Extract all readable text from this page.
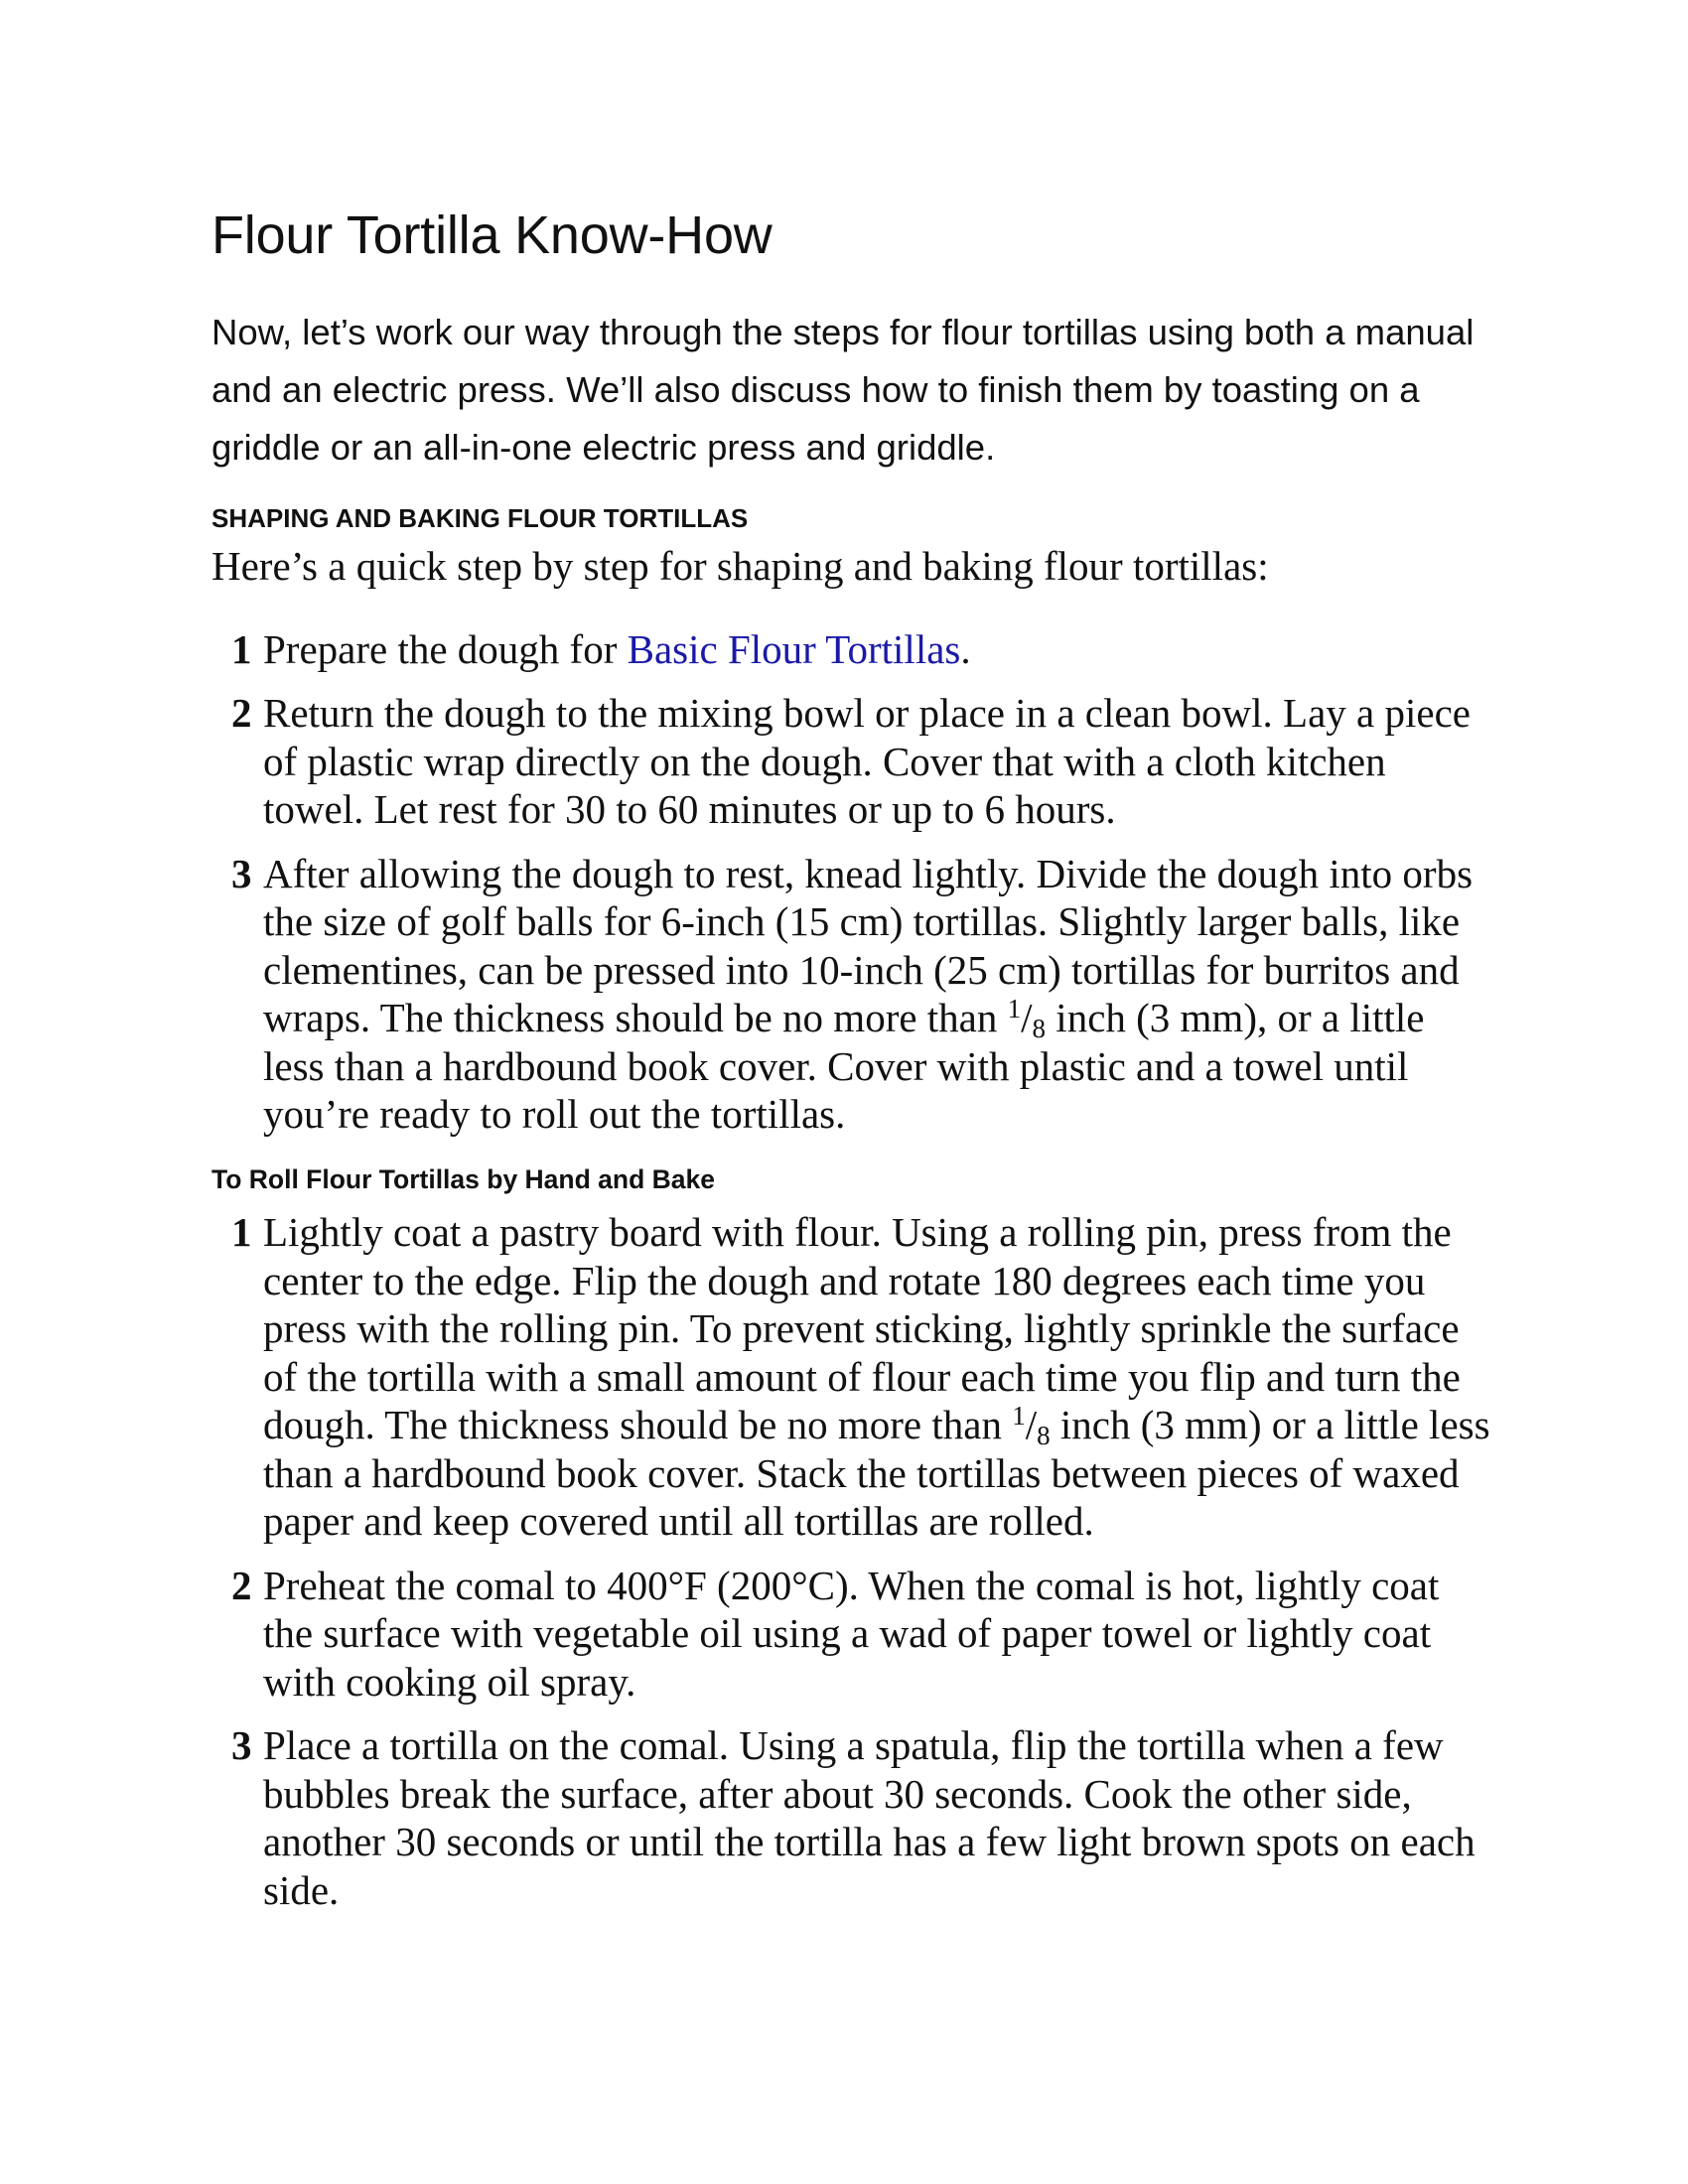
Flour Tortilla Know-How

Now, let’s work our way through the steps for flour tortillas using both a manual and an electric press. We’ll also discuss how to finish them by toasting on a griddle or an all-in-one electric press and griddle.

SHAPING AND BAKING FLOUR TORTILLAS

Here’s a quick step by step for shaping and baking flour tortillas:

1 Prepare the dough for Basic Flour Tortillas.
2 Return the dough to the mixing bowl or place in a clean bowl. Lay a piece of plastic wrap directly on the dough. Cover that with a cloth kitchen towel. Let rest for 30 to 60 minutes or up to 6 hours.
3 After allowing the dough to rest, knead lightly. Divide the dough into orbs the size of golf balls for 6-inch (15 cm) tortillas. Slightly larger balls, like clementines, can be pressed into 10-inch (25 cm) tortillas for burritos and wraps. The thickness should be no more than $^1/_8$ inch (3 mm), or a little less than a hardbound book cover. Cover with plastic and a towel until you’re ready to roll out the tortillas.
To Roll Flour Tortillas by Hand and Bake
1 Lightly coat a pastry board with flour. Using a rolling pin, press from the center to the edge. Flip the dough and rotate 180 degrees each time you press with the rolling pin. To prevent sticking, lightly sprinkle the surface of the tortilla with a small amount of flour each time you flip and turn the dough. The thickness should be no more than $^1/_8$ inch (3 mm) or a little less than a hardbound book cover. Stack the tortillas between pieces of waxed paper and keep covered until all tortillas are rolled.
2 Preheat the comal to 400°F (200°C). When the comal is hot, lightly coat the surface with vegetable oil using a wad of paper towel or lightly coat with cooking oil spray.
3 Place a tortilla on the comal. Using a spatula, flip the tortilla when a few bubbles break the surface, after about 30 seconds. Cook the other side, another 30 seconds or until the tortilla has a few light brown spots on each side.
